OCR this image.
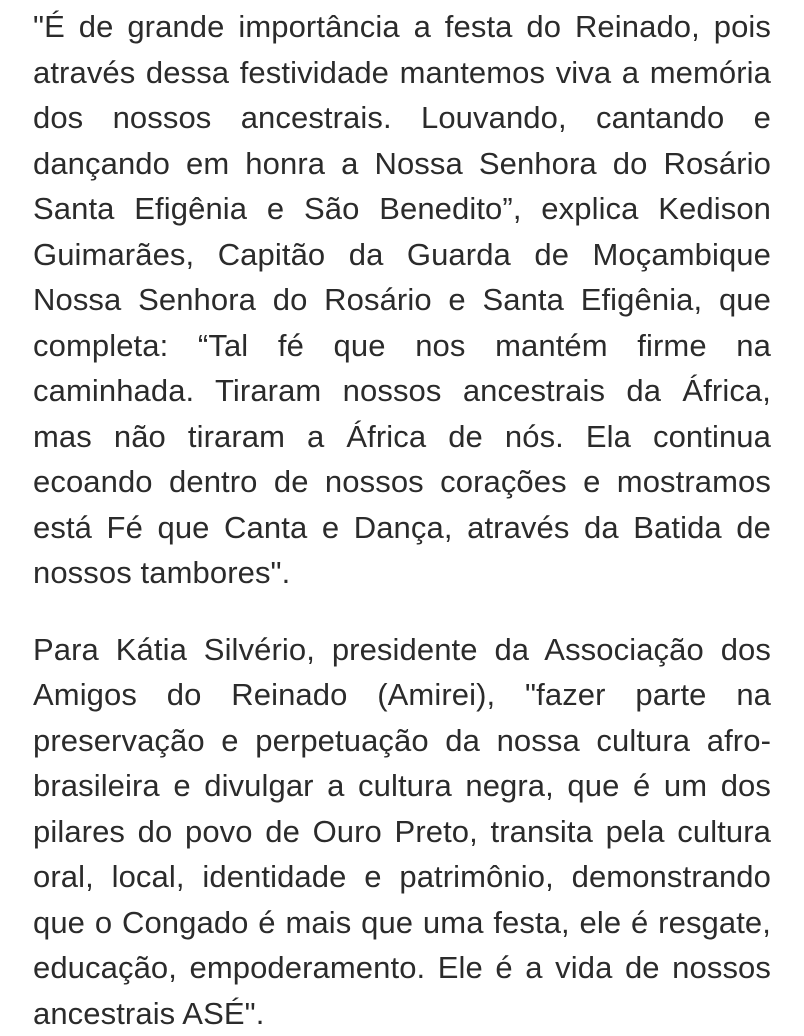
"É de grande importância a festa do Reinado, pois através dessa festividade mantemos viva a memória dos nossos ancestrais. Louvando, cantando e dançando em honra a Nossa Senhora do Rosário Santa Efigênia e São Benedito”, explica Kedison Guimarães, Capitão da Guarda de Moçambique Nossa Senhora do Rosário e Santa Efigênia, que completa: “Tal fé que nos mantém firme na caminhada. Tiraram nossos ancestrais da África, mas não tiraram a África de nós. Ela continua ecoando dentro de nossos corações e mostramos está Fé que Canta e Dança, através da Batida de nossos tambores".

Para Kátia Silvério, presidente da Associação dos Amigos do Reinado (Amirei), "fazer parte na preservação e perpetuação da nossa cultura afro-brasileira e divulgar a cultura negra, que é um dos pilares do povo de Ouro Preto, transita pela cultura oral, local, identidade e patrimônio, demonstrando que o Congado é mais que uma festa, ele é resgate, educação, empoderamento. Ele é a vida de nossos ancestrais ASÉ".
